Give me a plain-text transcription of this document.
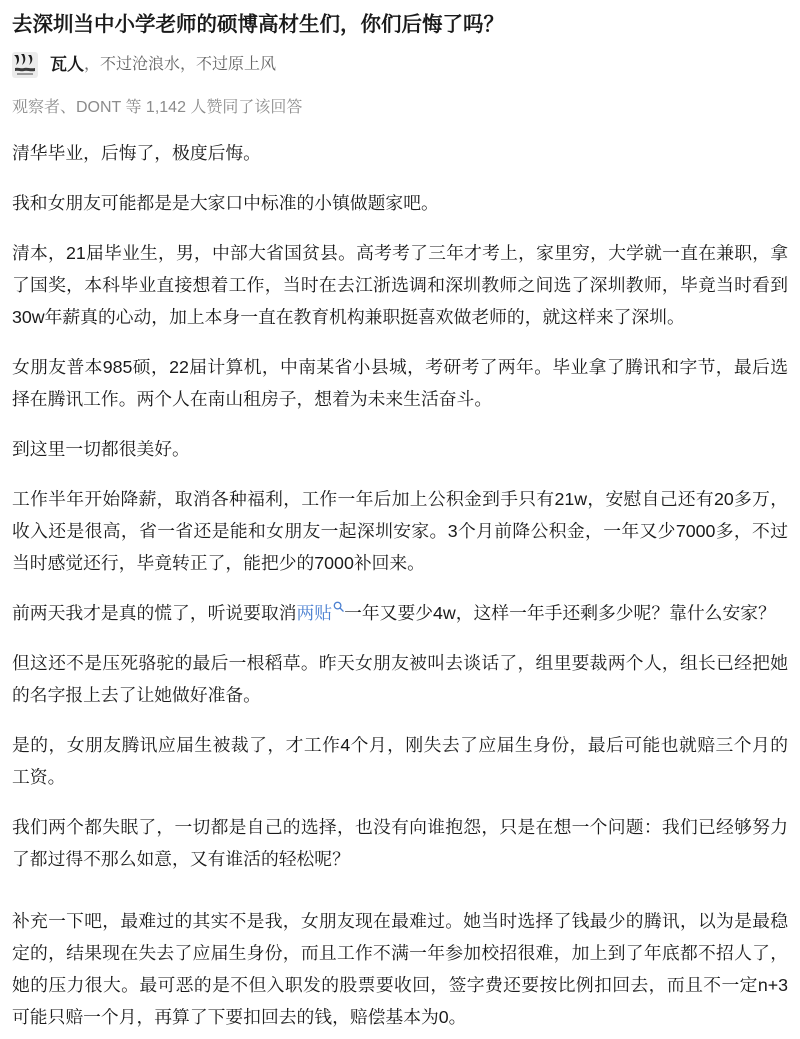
去深圳当中小学老师的硕博高材生们，你们后悔了吗？
瓦人 ， 不过沧浪水，不过原上风
观察者、DONT 等 1,142 人赞同了该回答

清华毕业，后悔了，极度后悔。

我和女朋友可能都是是大家口中标准的小镇做题家吧。

清本，21届毕业生，男，中部大省国贫县。高考考了三年才考上，家里穷，大学就一直在兼职，拿
了国奖，本科毕业直接想着工作，当时在去江浙选调和深圳教师之间选了深圳教师，毕竟当时看到
30w年薪真的心动，加上本身一直在教育机构兼职挺喜欢做老师的，就这样来了深圳。

女朋友普本985硕，22届计算机，中南某省小县城，考研考了两年。毕业拿了腾讯和字节，最后选
择在腾讯工作。两个人在南山租房子，想着为未来生活奋斗。

到这里一切都很美好。

工作半年开始降薪，取消各种福利，工作一年后加上公积金到手只有21w，安慰自己还有20多万，
收入还是很高，省一省还是能和女朋友一起深圳安家。3个月前降公积金，一年又少7000多，不过
当时感觉还行，毕竟转正了，能把少的7000补回来。

前两天我才是真的慌了，听说要取消两贴 一年又要少4w，这样一年手还剩多少呢？靠什么安家？

但这还不是压死骆驼的最后一根稻草。昨天女朋友被叫去谈话了，组里要裁两个人，组长已经把她
的名字报上去了让她做好准备。

是的，女朋友腾讯应届生被裁了，才工作4个月，刚失去了应届生身份，最后可能也就赔三个月的
工资。

我们两个都失眠了，一切都是自己的选择，也没有向谁抱怨，只是在想一个问题：我们已经够努力
了都过得不那么如意，又有谁活的轻松呢？

补充一下吧，最难过的其实不是我，女朋友现在最难过。她当时选择了钱最少的腾讯，以为是最稳
定的，结果现在失去了应届生身份，而且工作不满一年参加校招很难，加上到了年底都不招人了，
她的压力很大。最可恶的是不但入职发的股票要收回，签字费还要按比例扣回去，而且不一定n+3
可能只赔一个月，再算了下要扣回去的钱，赔偿基本为0。
